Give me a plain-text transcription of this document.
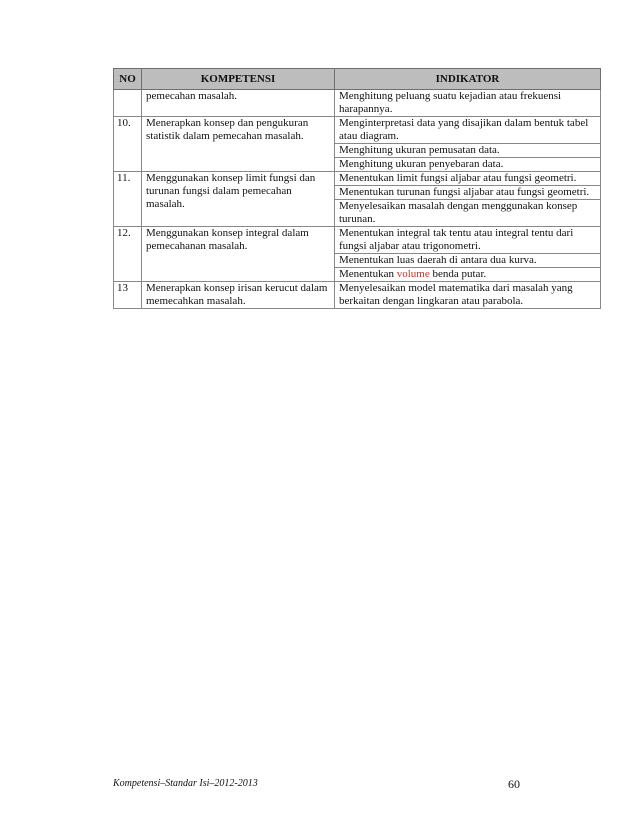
NO	KOMPETENSI	INDIKATOR
	pemecahan masalah.	Menghitung peluang suatu kejadian atau frekuensi harapannya.
10.	Menerapkan konsep dan pengukuran statistik dalam pemecahan masalah.	Menginterpretasi data yang disajikan dalam bentuk tabel atau diagram.
		Menghitung ukuran pemusatan data.
		Menghitung ukuran penyebaran data.
11.	Menggunakan konsep limit fungsi dan turunan fungsi dalam pemecahan masalah.	Menentukan limit fungsi aljabar atau fungsi geometri.
		Menentukan turunan fungsi aljabar atau fungsi geometri.
		Menyelesaikan masalah dengan menggunakan konsep turunan.
12.	Menggunakan konsep integral dalam pemecahanan masalah.	Menentukan integral tak tentu atau integral tentu dari fungsi aljabar atau trigonometri.
		Menentukan luas daerah di antara dua kurva.
		Menentukan volume benda putar.
13	Menerapkan konsep irisan kerucut dalam memecahkan masalah.	Menyelesaikan model matematika dari masalah yang berkaitan dengan lingkaran atau parabola.
Kompetensi–Standar Isi–2012-2013	60
